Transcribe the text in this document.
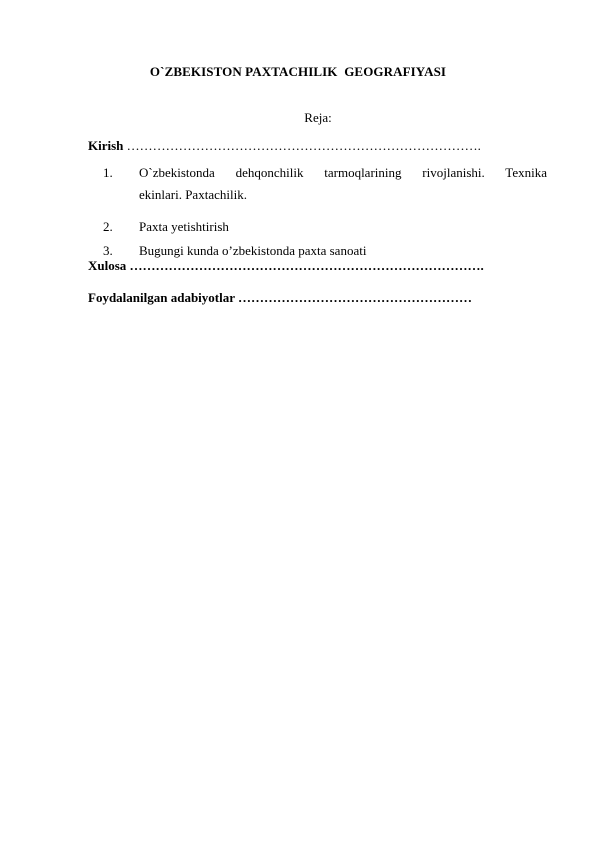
O`ZBEKISTON PAXTACHILIK  GEOGRAFIYASI
Reja:
Kirish ……………………………………………………………………….
1. O`zbekistonda dehqonchilik tarmoqlarining rivojlanishi. Texnika
ekinlari. Paxtachilik.
2. Paxta yetishtirish
3. Bugungi kunda o’zbekistonda paxta sanoati
Xulosa ……………………………………………………………………….
Foydalanilgan adabiyotlar ………………………………………………
